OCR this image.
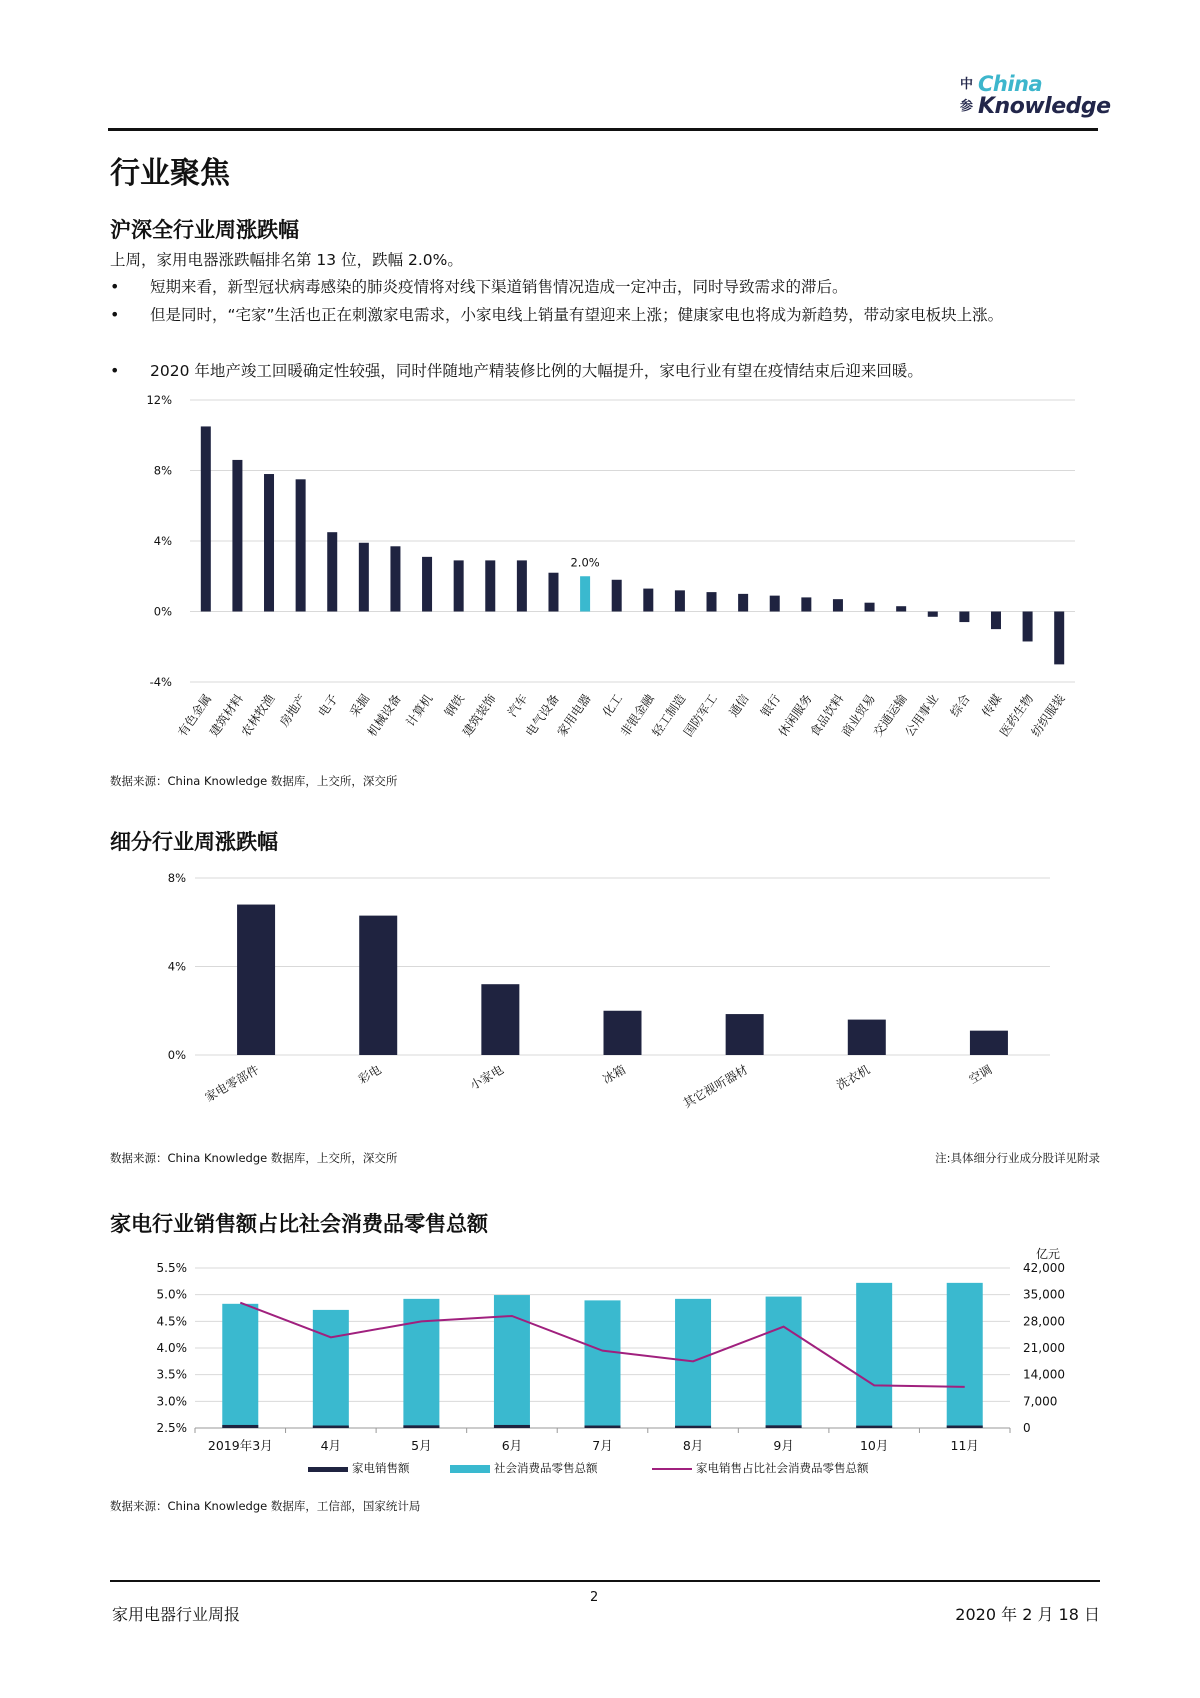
中参
China
Knowledge
行业聚焦
沪深全行业周涨跌幅
上周，家用电器涨跌幅排名第 13 位，跌幅 2.0%。
• 短期来看，新型冠状病毒感染的肺炎疫情将对线下渠道销售情况造成一定冲击，同时导致需求的滞后。
• 但是同时，“宅家”生活也正在刺激家电需求，小家电线上销量有望迎来上涨；健康家电也将成为新趋势，带动家电板块上涨。
• 2020 年地产竣工回暖确定性较强，同时伴随地产精装修比例的大幅提升，家电行业有望在疫情结束后迎来回暖。
12%
8%
4%
0%
-4%
有色金属
建筑材料
农林牧渔 房地产 电子 采掘
机械设备 计算机 钢铁
建筑装饰 汽车
电气设备
家用电器
2.0%
化工
非银金融
轻工制造
国防军工 通信 银行
休闲服务
食品饮料
商业贸易
交通运输
公用事业 综合 传媒
医药生物
纺织服装
8%
4%
0%
家电零部件	彩电	小家电	冰箱	其它视听器材	洗衣机	空调
5.5%
5.0%
4.5%
4.0%
3.5%
3.0%
2.5%
42,000
35,000
28,000
21,000
14,000
7,000
0
亿元
2019年3月	4月	5月	6月	7月	8月	9月	10月	11月
家电销售额	社会消费品零售总额	家电销售占比社会消费品零售总额
数据来源：China Knowledge 数据库，上交所，深交所
细分行业周涨跌幅
数据来源：China Knowledge 数据库，上交所，深交所	注:具体细分行业成分股详见附录
家电行业销售额占比社会消费品零售总额
数据来源：China Knowledge 数据库，工信部，国家统计局
家用电器行业周报
2
2020 年 2 月 18 日
